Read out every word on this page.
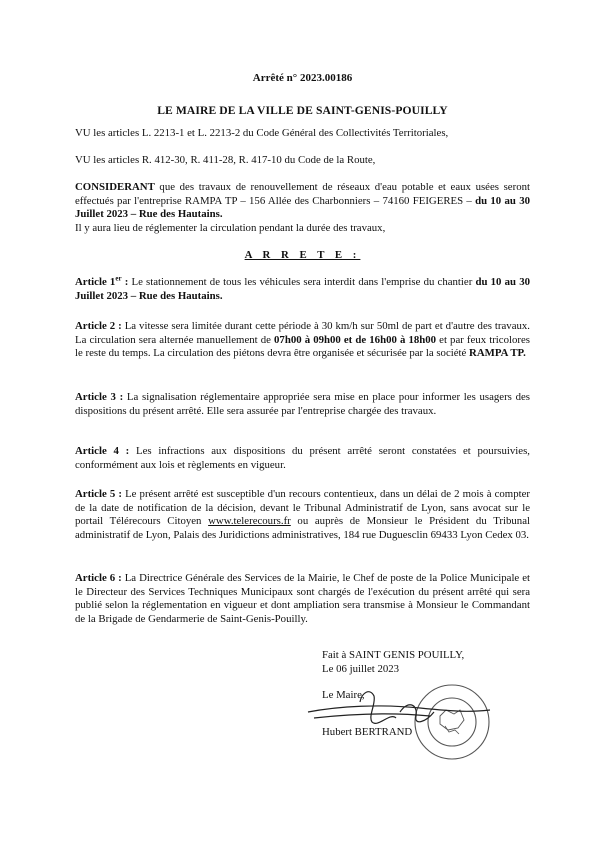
Arrêté n° 2023.00186
LE MAIRE DE LA VILLE DE SAINT-GENIS-POUILLY
VU les articles L. 2213-1 et L. 2213-2 du Code Général des Collectivités Territoriales,
VU les articles R. 412-30, R. 411-28, R. 417-10 du Code de la Route,
CONSIDERANT que des travaux de renouvellement de réseaux d'eau potable et eaux usées seront effectués par l'entreprise RAMPA TP – 156 Allée des Charbonniers – 74160 FEIGERES – du 10 au 30 Juillet 2023 – Rue des Hautains.
Il y aura lieu de réglementer la circulation pendant la durée des travaux,
A R R E T E :
Article 1er : Le stationnement de tous les véhicules sera interdit dans l'emprise du chantier du 10 au 30 Juillet 2023 – Rue des Hautains.
Article 2 : La vitesse sera limitée durant cette période à 30 km/h sur 50ml de part et d'autre des travaux. La circulation sera alternée manuellement de 07h00 à 09h00 et de 16h00 à 18h00 et par feux tricolores le reste du temps. La circulation des piétons devra être organisée et sécurisée par la société RAMPA TP.
Article 3 : La signalisation réglementaire appropriée sera mise en place pour informer les usagers des dispositions du présent arrêté. Elle sera assurée par l'entreprise chargée des travaux.
Article 4 : Les infractions aux dispositions du présent arrêté seront constatées et poursuivies, conformément aux lois et règlements en vigueur.
Article 5 : Le présent arrêté est susceptible d'un recours contentieux, dans un délai de 2 mois à compter de la date de notification de la décision, devant le Tribunal Administratif de Lyon, sans avocat sur le portail Télérecours Citoyen www.telerecours.fr ou auprès de Monsieur le Président du Tribunal administratif de Lyon, Palais des Juridictions administratives, 184 rue Duguesclin 69433 Lyon Cedex 03.
Article 6 : La Directrice Générale des Services de la Mairie, le Chef de poste de la Police Municipale et le Directeur des Services Techniques Municipaux sont chargés de l'exécution du présent arrêté qui sera publié selon la réglementation en vigueur et dont ampliation sera transmise à Monsieur le Commandant de la Brigade de Gendarmerie de Saint-Genis-Pouilly.
Fait à SAINT GENIS POUILLY,
Le 06 juillet 2023
Le Maire,
Hubert BERTRAND
